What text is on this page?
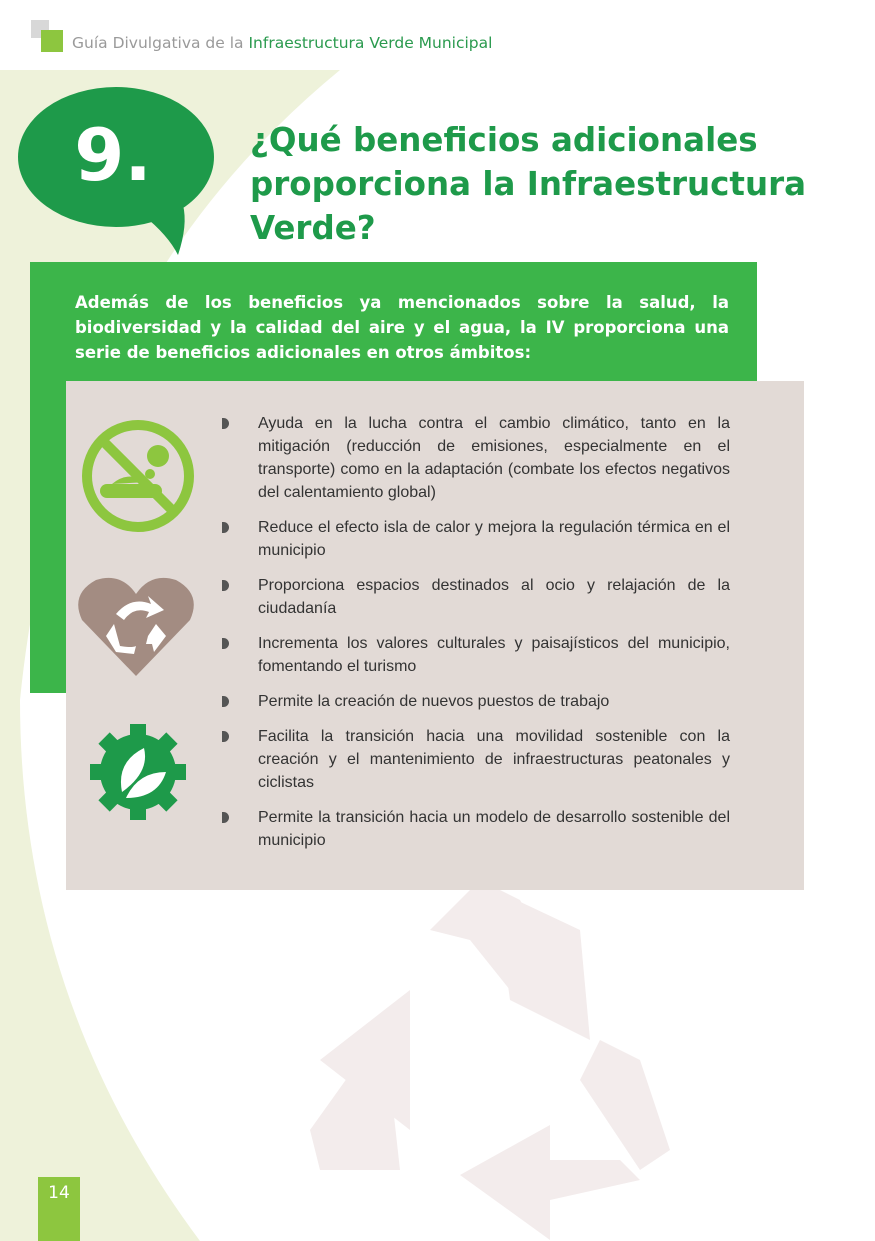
Guía Divulgativa de la Infraestructura Verde Municipal
9.	¿Qué beneficios adicionales proporciona la Infraestructura Verde?
Además de los beneficios ya mencionados sobre la salud, la biodiversidad y la calidad del aire y el agua, la IV proporciona una serie de beneficios adicionales en otros ámbitos:
Ayuda en la lucha contra el cambio climático, tanto en la mitigación (reducción de emisiones, especialmente en el transporte) como en la adaptación (combate los efectos negativos del calentamiento global)
Reduce el efecto isla de calor y mejora la regulación térmica en el municipio
Proporciona espacios destinados al ocio y relajación de la ciudadanía
Incrementa los valores culturales y paisajísticos del municipio, fomentando el turismo
Permite la creación de nuevos puestos de trabajo
Facilita la transición hacia una movilidad sostenible con la creación y el mantenimiento de infraestructuras peatonales y ciclistas
Permite la transición hacia un modelo de desarrollo sostenible del municipio
14
